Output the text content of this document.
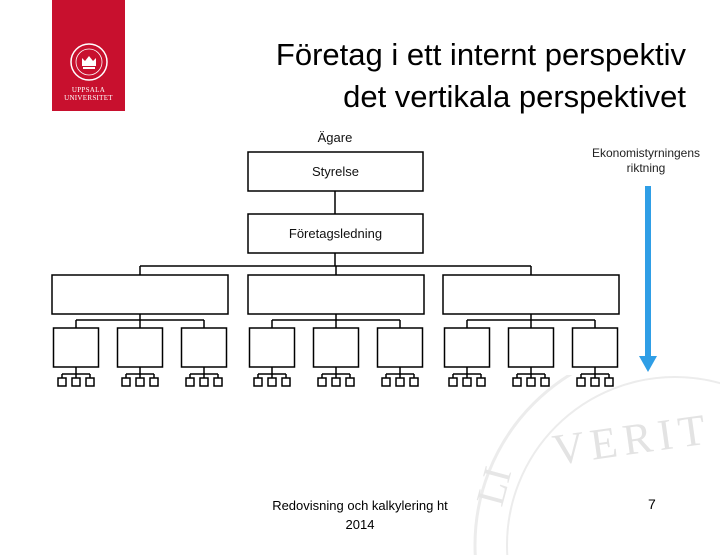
UPPSALA
UNIVERSITET
Företag i ett internt perspektiv
det vertikala perspektivet
VERIT
LI
Ägare
Styrelse
Företagsledning
Ekonomistyrningens
riktning
Redovisning och kalkylering ht
2014
7
